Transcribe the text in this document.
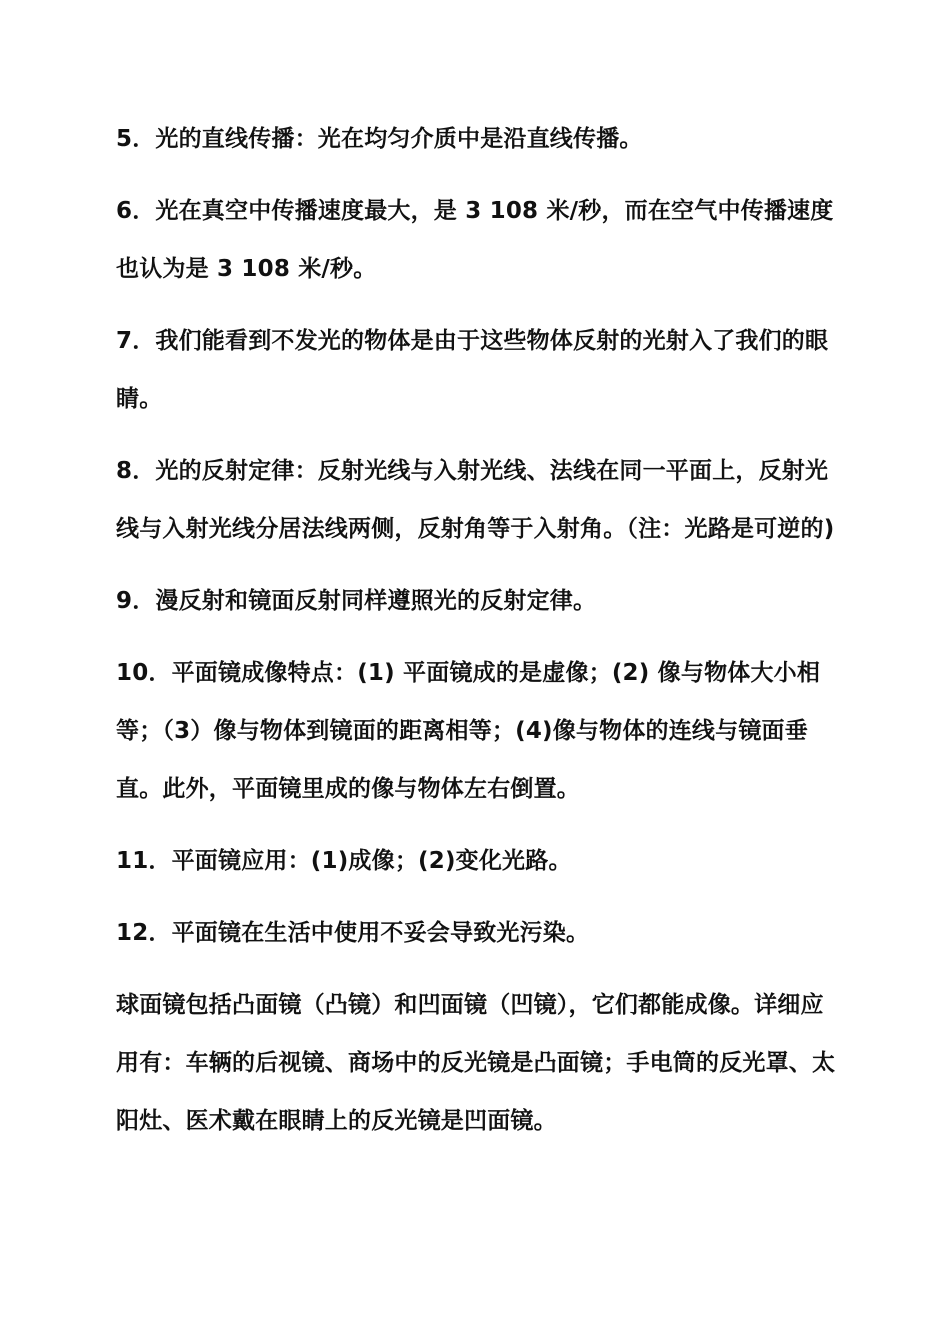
5．光的直线传播：光在均匀介质中是沿直线传播。

6．光在真空中传播速度最大，是 3 108 米/秒，而在空气中传播速度也认为是 3 108 米/秒。

7．我们能看到不发光的物体是由于这些物体反射的光射入了我们的眼睛。

8．光的反射定律：反射光线与入射光线、法线在同一平面上，反射光线与入射光线分居法线两侧，反射角等于入射角。（注：光路是可逆的)

9．漫反射和镜面反射同样遵照光的反射定律。

10．平面镜成像特点：(1) 平面镜成的是虚像；(2) 像与物体大小相等；（3）像与物体到镜面的距离相等；(4)像与物体的连线与镜面垂直。此外，平面镜里成的像与物体左右倒置。

11．平面镜应用：(1)成像；(2)变化光路。

12．平面镜在生活中使用不妥会导致光污染。

球面镜包括凸面镜（凸镜）和凹面镜（凹镜），它们都能成像。详细应用有：车辆的后视镜、商场中的反光镜是凸面镜；手电筒的反光罩、太阳灶、医术戴在眼睛上的反光镜是凹面镜。
